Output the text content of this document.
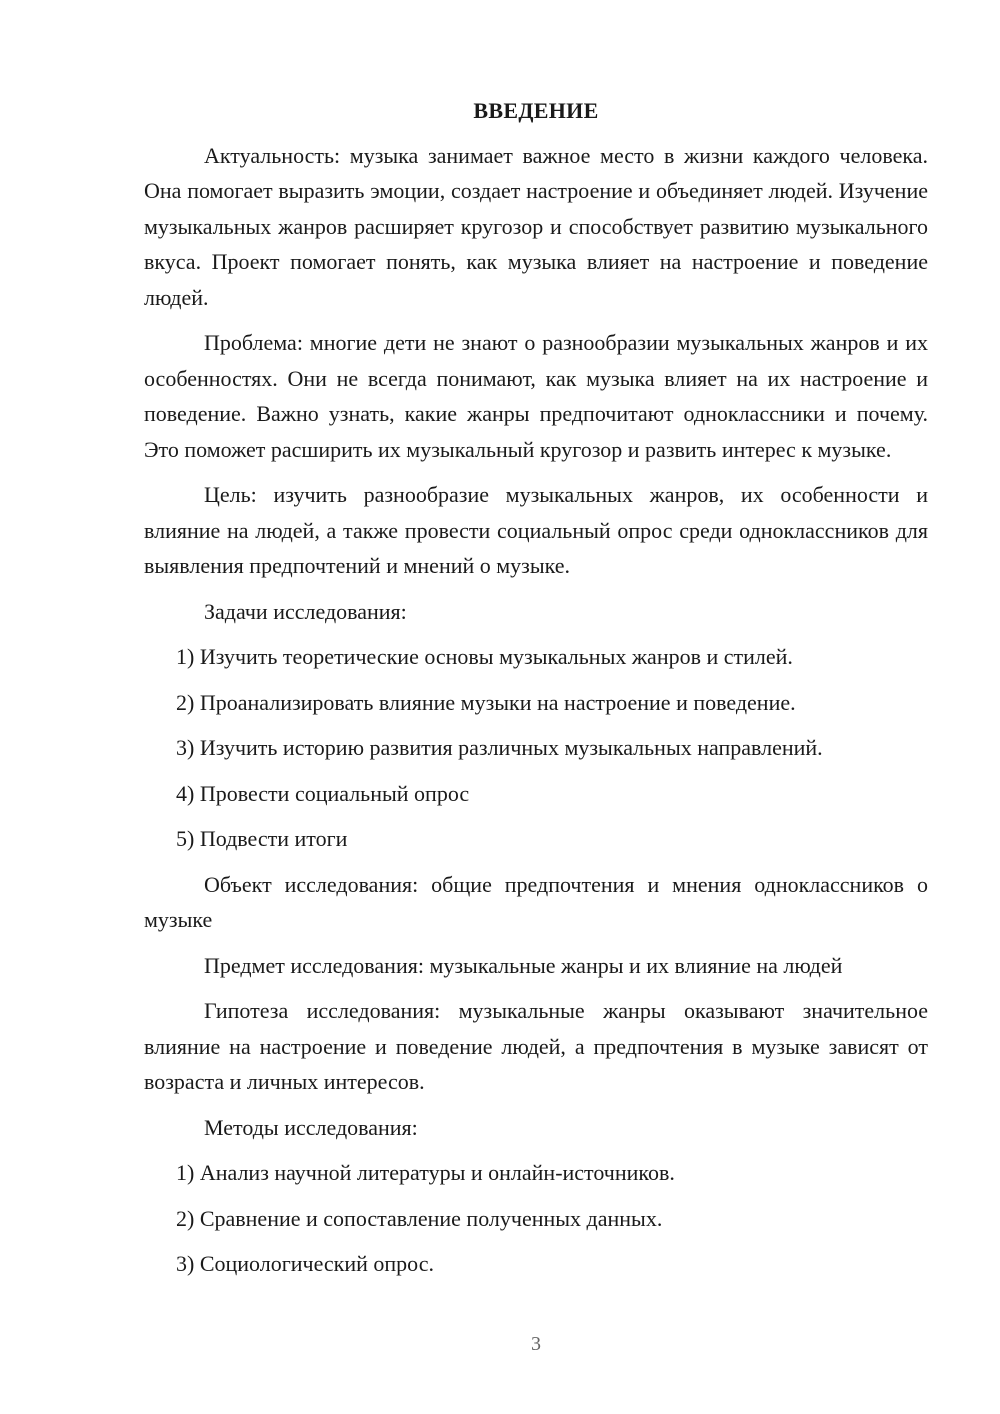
ВВЕДЕНИЕ

Актуальность: музыка занимает важное место в жизни каждого человека. Она помогает выразить эмоции, создает настроение и объединяет людей. Изучение музыкальных жанров расширяет кругозор и способствует развитию музыкального вкуса. Проект помогает понять, как музыка влияет на настроение и поведение людей.

Проблема: многие дети не знают о разнообразии музыкальных жанров и их особенностях. Они не всегда понимают, как музыка влияет на их настроение и поведение. Важно узнать, какие жанры предпочитают одноклассники и почему. Это поможет расширить их музыкальный кругозор и развить интерес к музыке.

Цель: изучить разнообразие музыкальных жанров, их особенности и влияние на людей, а также провести социальный опрос среди одноклассников для выявления предпочтений и мнений о музыке.

Задачи исследования:

1) Изучить теоретические основы музыкальных жанров и стилей.

2) Проанализировать влияние музыки на настроение и поведение.

3) Изучить историю развития различных музыкальных направлений.

4) Провести социальный опрос

5) Подвести итоги

Объект исследования: общие предпочтения и мнения одноклассников о музыке

Предмет исследования: музыкальные жанры и их влияние на людей

Гипотеза исследования: музыкальные жанры оказывают значительное влияние на настроение и поведение людей, а предпочтения в музыке зависят от возраста и личных интересов.

Методы исследования:

1) Анализ научной литературы и онлайн-источников.

2) Сравнение и сопоставление полученных данных.

3) Социологический опрос.

3
